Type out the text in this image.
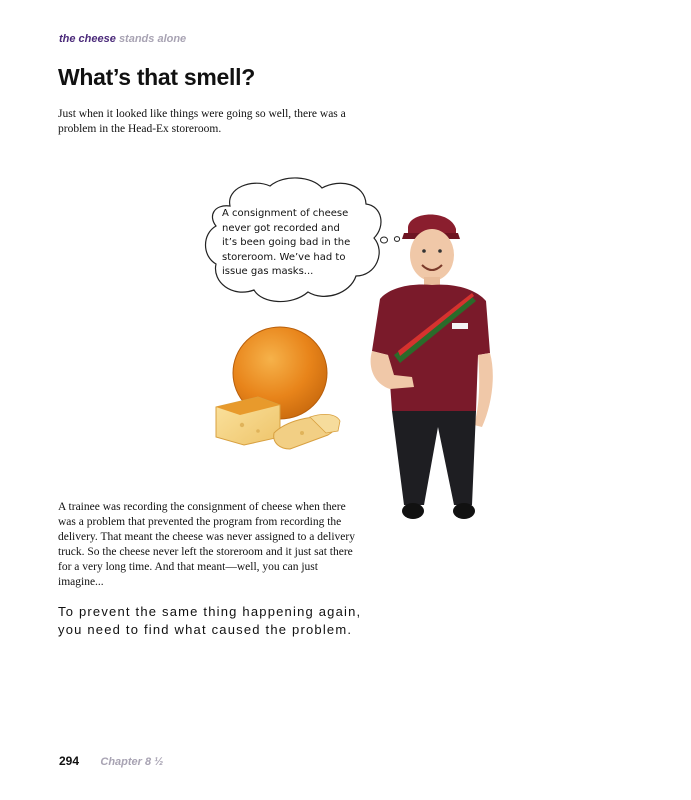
the cheese stands alone
What’s that smell?

Just when it looked like things were going so well, there was a problem in the Head-Ex storeroom.

A consignment of cheese never got recorded and it’s been going bad in the storeroom. We’ve had to issue gas masks...

A trainee was recording the consignment of cheese when there was a problem that prevented the program from recording the delivery. That meant the cheese was never assigned to a delivery truck. So the cheese never left the storeroom and it just sat there for a very long time. And that meant—well, you can just imagine...

To prevent the same thing happening again, you need to find what caused the problem.

294 Chapter 8 ½
